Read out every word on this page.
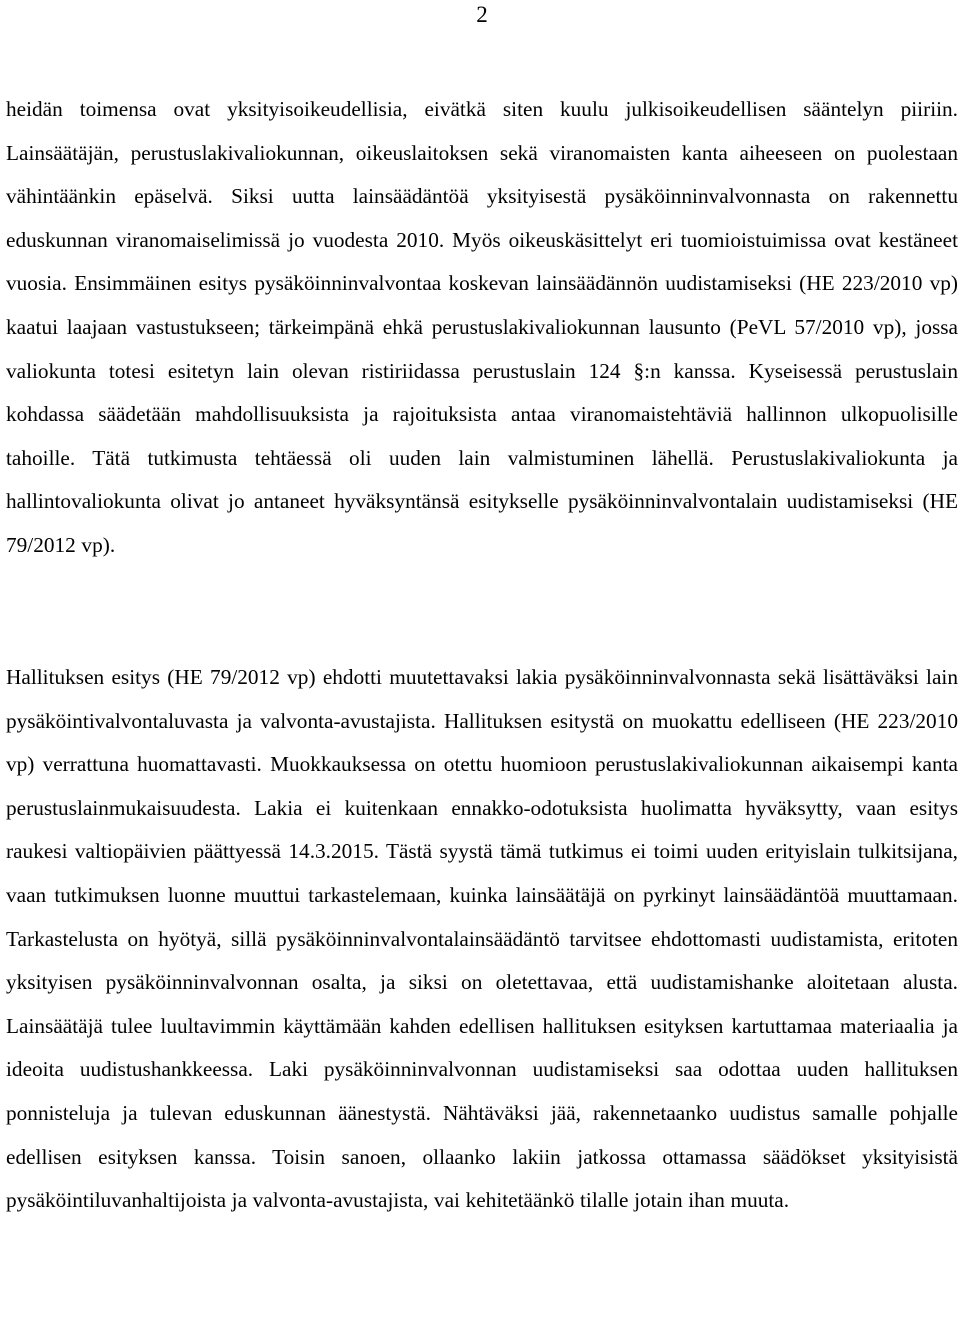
2

heidän toimensa ovat yksityisoikeudellisia, eivätkä siten kuulu julkisoikeudellisen sääntelyn piiriin. Lainsäätäjän, perustuslakivaliokunnan, oikeuslaitoksen sekä viranomaisten kanta aiheeseen on puolestaan vähintäänkin epäselvä. Siksi uutta lainsäädäntöä yksityisestä pysäköinninvalvonnasta on rakennettu eduskunnan viranomaiselimissä jo vuodesta 2010. Myös oikeuskäsittelyt eri tuomioistuimissa ovat kestäneet vuosia. Ensimmäinen esitys pysäköinninvalvontaa koskevan lainsäädännön uudistamiseksi (HE 223/2010 vp) kaatui laajaan vastustukseen; tärkeimpänä ehkä perustuslakivaliokunnan lausunto (PeVL 57/2010 vp), jossa valiokunta totesi esitetyn lain olevan ristiriidassa perustuslain 124 §:n kanssa. Kyseisessä perustuslain kohdassa säädetään mahdollisuuksista ja rajoituksista antaa viranomaistehtäviä hallinnon ulkopuolisille tahoille. Tätä tutkimusta tehtäessä oli uuden lain valmistuminen lähellä. Perustuslakivaliokunta ja hallintovaliokunta olivat jo antaneet hyväksyntänsä esitykselle pysäköinninvalvontalain uudistamiseksi (HE 79/2012 vp).

Hallituksen esitys (HE 79/2012 vp) ehdotti muutettavaksi lakia pysäköinninvalvonnasta sekä lisättäväksi lain pysäköintivalvontaluvasta ja valvonta-avustajista. Hallituksen esitystä on muokattu edelliseen (HE 223/2010 vp) verrattuna huomattavasti. Muokkauksessa on otettu huomioon perustuslakivaliokunnan aikaisempi kanta perustuslainmukaisuudesta. Lakia ei kuitenkaan ennakko-odotuksista huolimatta hyväksytty, vaan esitys raukesi valtiopäivien päättyessä 14.3.2015. Tästä syystä tämä tutkimus ei toimi uuden erityislain tulkitsijana, vaan tutkimuksen luonne muuttui tarkastelemaan, kuinka lainsäätäjä on pyrkinyt lainsäädäntöä muuttamaan. Tarkastelusta on hyötyä, sillä pysäköinninvalvontalainsäädäntö tarvitsee ehdottomasti uudistamista, eritoten yksityisen pysäköinninvalvonnan osalta, ja siksi on oletettavaa, että uudistamishanke aloitetaan alusta. Lainsäätäjä tulee luultavimmin käyttämään kahden edellisen hallituksen esityksen kartuttamaa materiaalia ja ideoita uudistushankkeessa. Laki pysäköinninvalvonnan uudistamiseksi saa odottaa uuden hallituksen ponnisteluja ja tulevan eduskunnan äänestystä. Nähtäväksi jää, rakennetaanko uudistus samalle pohjalle edellisen esityksen kanssa. Toisin sanoen, ollaanko lakiin jatkossa ottamassa säädökset yksityisistä pysäköintiluvanhaltijoista ja valvonta-avustajista, vai kehitetäänkö tilalle jotain ihan muuta.
